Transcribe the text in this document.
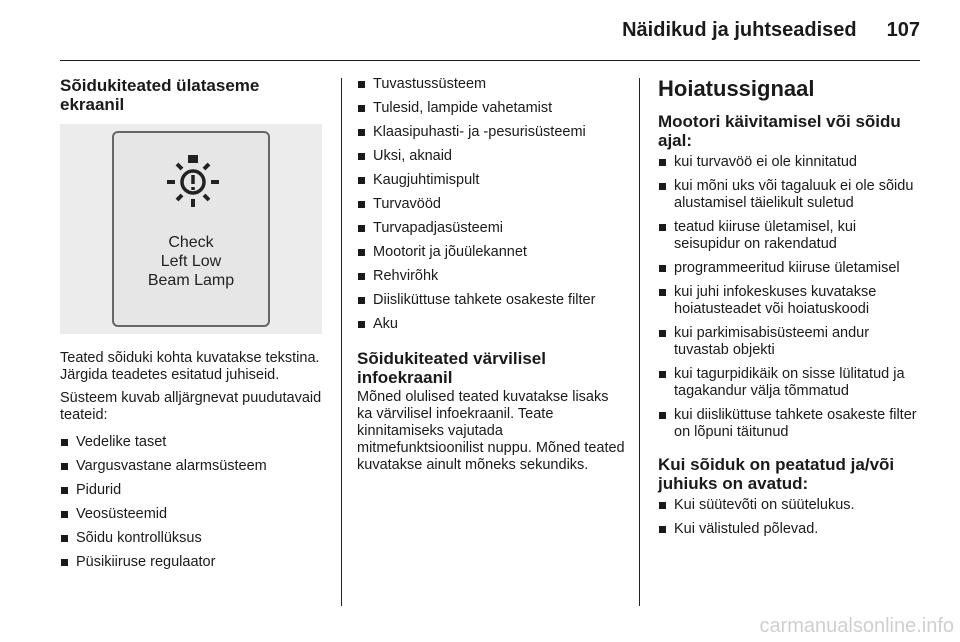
Näidikud ja juhtseadised 107
Sõidukiteated ülataseme ekraanil
Check
Left Low
Beam Lamp
Teated sõiduki kohta kuvatakse tekstina. Järgida teadetes esitatud juhiseid.
Süsteem kuvab alljärgnevat puudutavaid teateid:
Vedelike taset
Vargusvastane alarmsüsteem
Pidurid
Veosüsteemid
Sõidu kontrollüksus
Püsikiiruse regulaator
Tuvastussüsteem
Tulesid, lampide vahetamist
Klaasipuhasti- ja -pesurisüsteemi
Uksi, aknaid
Kaugjuhtimispult
Turvavööd
Turvapadjasüsteemi
Mootorit ja jõuülekannet
Rehvirõhk
Diisliküttuse tahkete osakeste filter
Aku
Sõidukiteated värvilisel infoekraanil
Mõned olulised teated kuvatakse lisaks ka värvilisel infoekraanil. Teate kinnitamiseks vajutada mitmefunktsioonilist nuppu. Mõned teated kuvatakse ainult mõneks sekundiks.
Hoiatussignaal
Mootori käivitamisel või sõidu ajal:
kui turvavöö ei ole kinnitatud
kui mõni uks või tagaluuk ei ole sõidu alustamisel täielikult suletud
teatud kiiruse ületamisel, kui seisupidur on rakendatud
programmeeritud kiiruse ületamisel
kui juhi infokeskuses kuvatakse hoiatusteadet või hoiatuskoodi
kui parkimisabisüsteemi andur tuvastab objekti
kui tagurpidikäik on sisse lülitatud ja tagakandur välja tõmmatud
kui diisliküttuse tahkete osakeste filter on lõpuni täitunud
Kui sõiduk on peatatud ja/või juhiuks on avatud:
Kui süütevõti on süütelukus.
Kui välistuled põlevad.
carmanualsonline.info
